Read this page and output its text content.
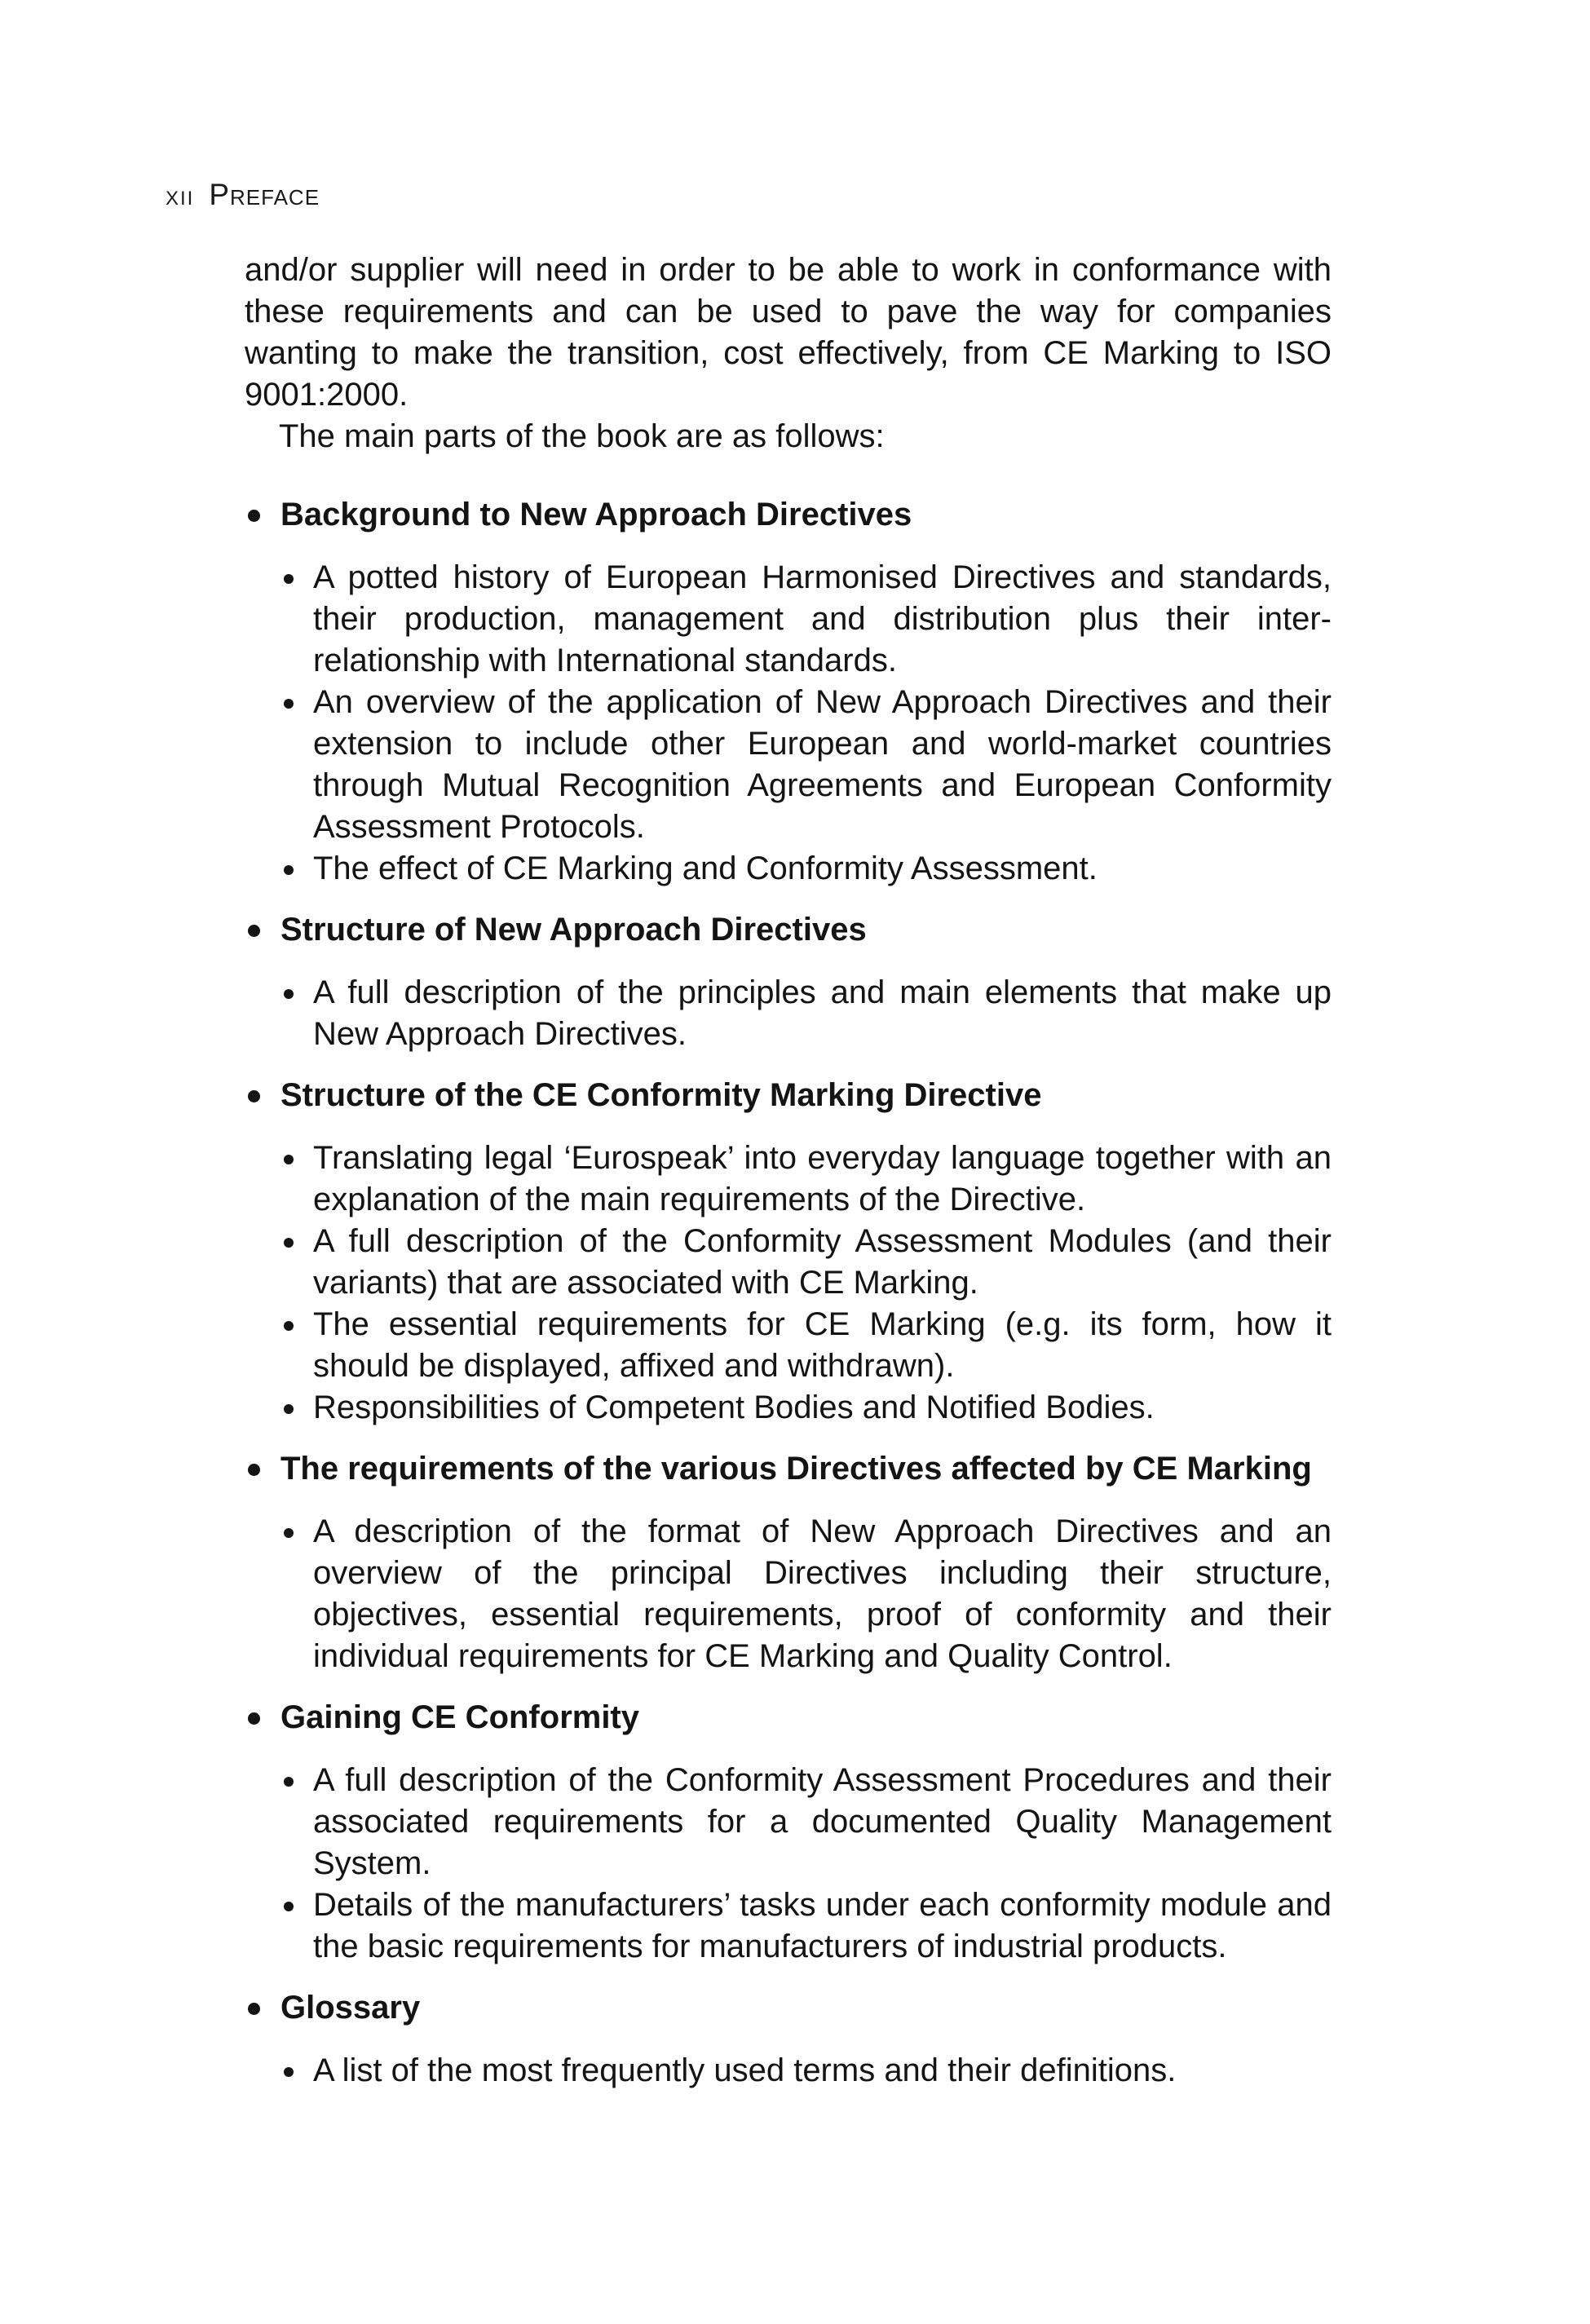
XII Preface

and/or supplier will need in order to be able to work in conformance with these requirements and can be used to pave the way for companies wanting to make the transition, cost effectively, from CE Marking to ISO 9001:2000.

The main parts of the book are as follows:

Background to New Approach Directives

A potted history of European Harmonised Directives and standards, their production, management and distribution plus their inter-relationship with International standards.

An overview of the application of New Approach Directives and their extension to include other European and world-market countries through Mutual Recognition Agreements and European Conformity Assessment Protocols.

The effect of CE Marking and Conformity Assessment.

Structure of New Approach Directives

A full description of the principles and main elements that make up New Approach Directives.

Structure of the CE Conformity Marking Directive

Translating legal ‘Eurospeak’ into everyday language together with an explanation of the main requirements of the Directive.

A full description of the Conformity Assessment Modules (and their variants) that are associated with CE Marking.

The essential requirements for CE Marking (e.g. its form, how it should be displayed, affixed and withdrawn).

Responsibilities of Competent Bodies and Notified Bodies.

The requirements of the various Directives affected by CE Marking

A description of the format of New Approach Directives and an overview of the principal Directives including their structure, objectives, essential requirements, proof of conformity and their individual requirements for CE Marking and Quality Control.

Gaining CE Conformity

A full description of the Conformity Assessment Procedures and their associated requirements for a documented Quality Management System.

Details of the manufacturers’ tasks under each conformity module and the basic requirements for manufacturers of industrial products.

Glossary

A list of the most frequently used terms and their definitions.
